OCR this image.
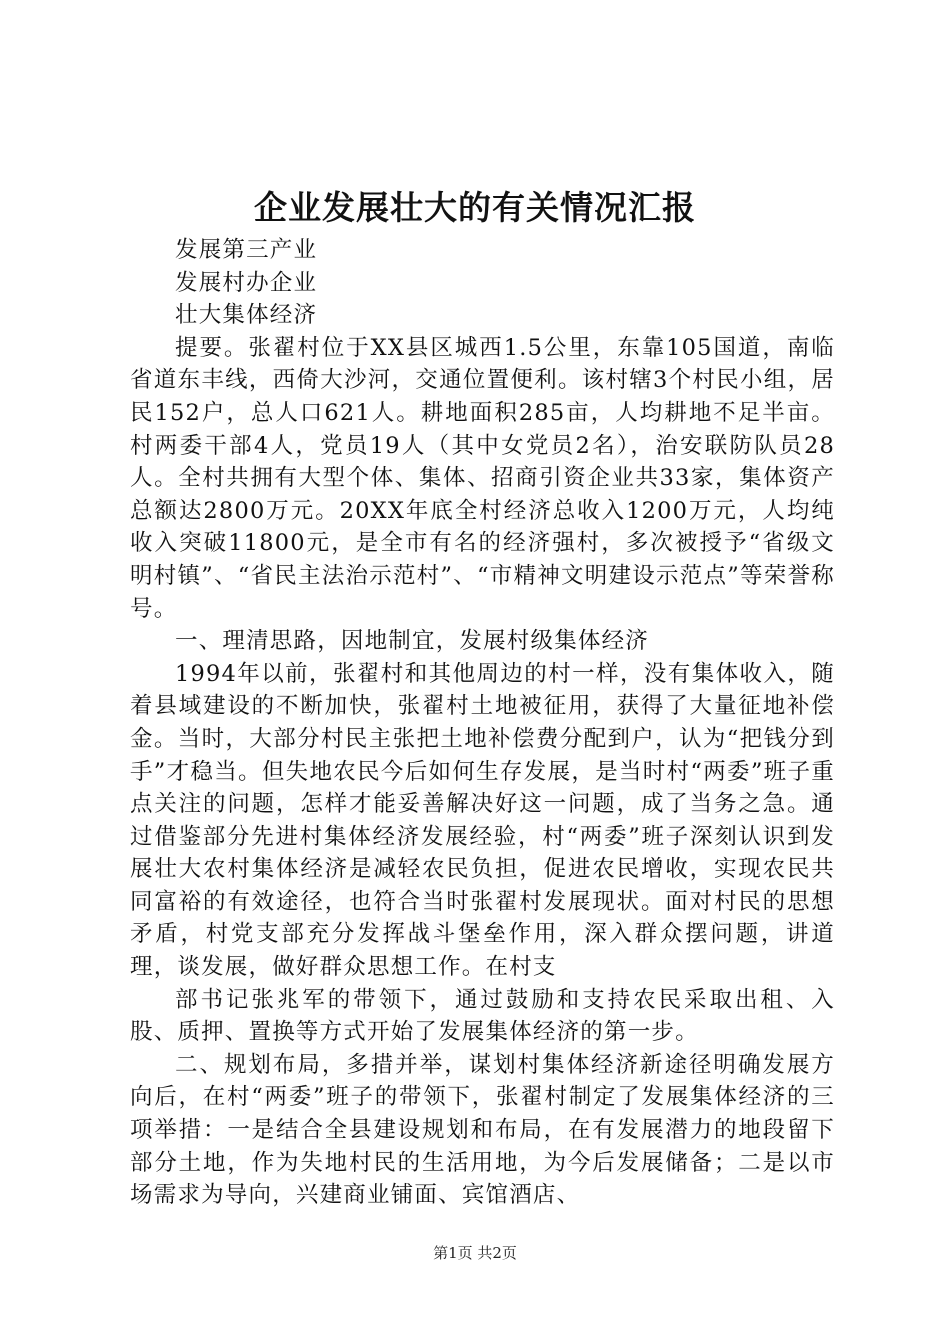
企业发展壮大的有关情况汇报

发展第三产业

发展村办企业

壮大集体经济

提要。张翟村位于XX县区城西1.5公里，东靠105国道，南临省道东丰线，西倚大沙河，交通位置便利。该村辖3个村民小组，居民152户，总人口621人。耕地面积285亩，人均耕地不足半亩。村两委干部4人，党员19人（其中女党员2名），治安联防队员28人。全村共拥有大型个体、集体、招商引资企业共33家，集体资产总额达2800万元。20XX年底全村经济总收入1200万元，人均纯收入突破11800元，是全市有名的经济强村，多次被授予“省级文明村镇”、“省民主法治示范村”、“市精神文明建设示范点”等荣誉称号。

一、理清思路，因地制宜，发展村级集体经济

1994年以前，张翟村和其他周边的村一样，没有集体收入，随着县域建设的不断加快，张翟村土地被征用，获得了大量征地补偿金。当时，大部分村民主张把土地补偿费分配到户，认为“把钱分到手”才稳当。但失地农民今后如何生存发展，是当时村“两委”班子重点关注的问题，怎样才能妥善解决好这一问题，成了当务之急。通过借鉴部分先进村集体经济发展经验，村“两委”班子深刻认识到发展壮大农村集体经济是减轻农民负担，促进农民增收，实现农民共同富裕的有效途径，也符合当时张翟村发展现状。面对村民的思想矛盾，村党支部充分发挥战斗堡垒作用，深入群众摆问题，讲道理，谈发展，做好群众思想工作。在村支

部书记张兆军的带领下，通过鼓励和支持农民采取出租、入股、质押、置换等方式开始了发展集体经济的第一步。

二、规划布局，多措并举，谋划村集体经济新途径明确发展方向后，在村“两委”班子的带领下，张翟村制定了发展集体经济的三项举措：一是结合全县建设规划和布局，在有发展潜力的地段留下部分土地，作为失地村民的生活用地，为今后发展储备；二是以市场需求为导向，兴建商业铺面、宾馆酒店、

第1页 共2页
